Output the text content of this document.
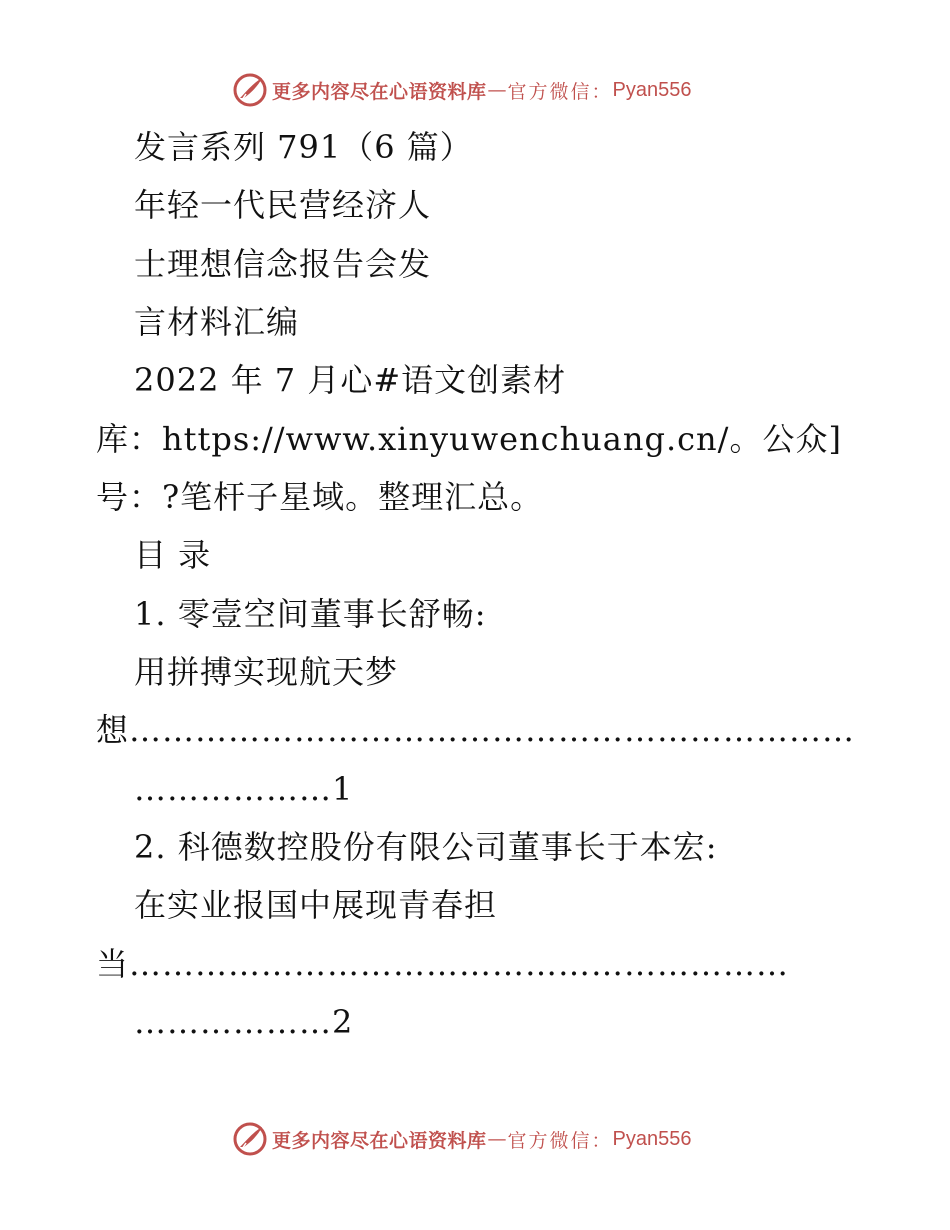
更多内容尽在心语资料库 — 官方微信： Pyan556
发言系列 791（6 篇）
年轻一代民营经济人
士理想信念报告会发
言材料汇编
2022 年 7 月心#语文创素材
库：https://www.xinyuwenchuang.cn/。公众]
号：?笔杆子星域。整理汇总。
目 录
1. 零壹空间董事长舒畅:
用拼搏实现航天梦
想…………………………………………………………
………………1
2. 科德数控股份有限公司董事长于本宏:
在实业报国中展现青春担
当……………………………………………………
………………2
更多内容尽在心语资料库 — 官方微信： Pyan556
